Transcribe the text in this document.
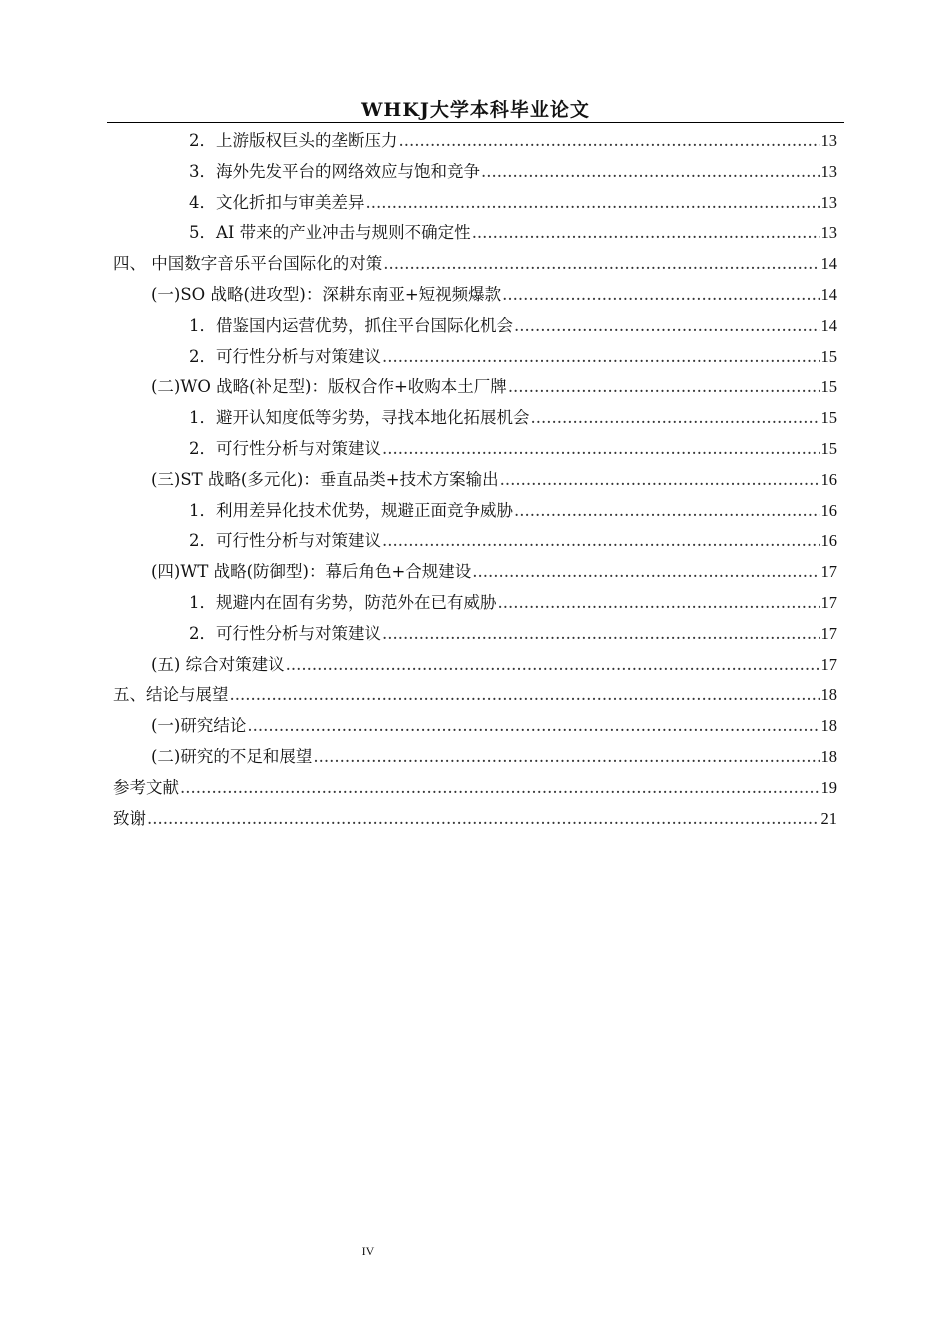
WHKJ大学本科毕业论文
2．上游版权巨头的垄断压力 .....	13
3．海外先发平台的网络效应与饱和竞争 .....	13
4．文化折扣与审美差异 .....	13
5．AI 带来的产业冲击与规则不确定性 .....	13
四、 中国数字音乐平台国际化的对策 .....	14
(一)SO 战略(进攻型)：深耕东南亚+短视频爆款 .....	14
1．借鉴国内运营优势，抓住平台国际化机会 .....	14
2．可行性分析与对策建议 .....	15
(二)WO 战略(补足型)：版权合作+收购本土厂牌 .....	15
1．避开认知度低等劣势，寻找本地化拓展机会 .....	15
2．可行性分析与对策建议 .....	15
(三)ST 战略(多元化)：垂直品类+技术方案输出 .....	16
1．利用差异化技术优势，规避正面竞争威胁 .....	16
2．可行性分析与对策建议 .....	16
(四)WT 战略(防御型)：幕后角色+合规建设 .....	17
1．规避内在固有劣势，防范外在已有威胁 .....	17
2．可行性分析与对策建议 .....	17
(五) 综合对策建议 .....	17
五、结论与展望 .....	18
(一)研究结论 .....	18
(二)研究的不足和展望 .....	18
参考文献 .....	19
致谢 .....	21
IV
